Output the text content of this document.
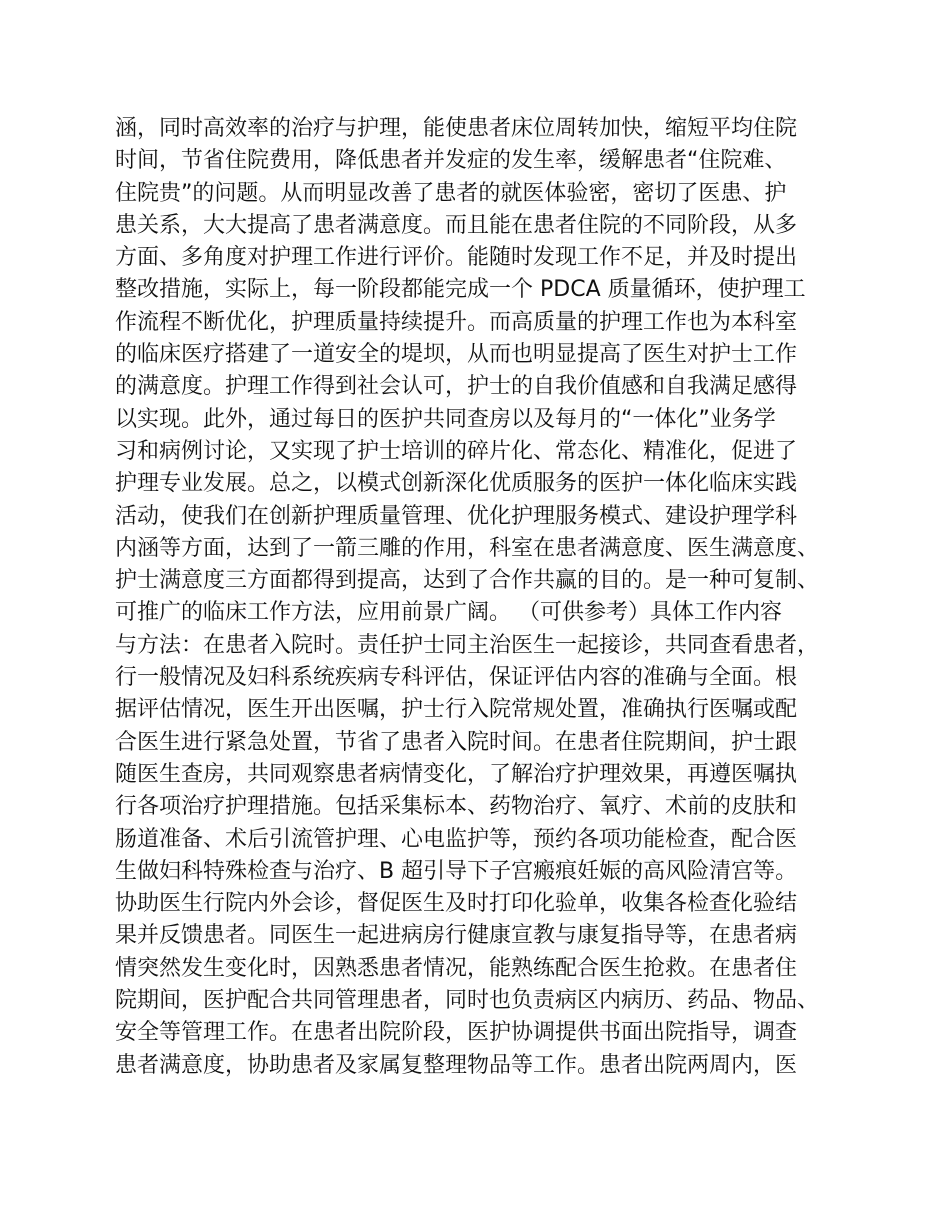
涵，同时高效率的治疗与护理，能使患者床位周转加快，缩短平均住院
时间，节省住院费用，降低患者并发症的发生率，缓解患者“住院难、
住院贵”的问题。从而明显改善了患者的就医体验密，密切了医患、护
患关系，大大提高了患者满意度。而且能在患者住院的不同阶段，从多
方面、多角度对护理工作进行评价。能随时发现工作不足，并及时提出
整改措施，实际上，每一阶段都能完成一个 PDCA 质量循环，使护理工
作流程不断优化，护理质量持续提升。而高质量的护理工作也为本科室
的临床医疗搭建了一道安全的堤坝，从而也明显提高了医生对护士工作
的满意度。护理工作得到社会认可，护士的自我价值感和自我满足感得
以实现。此外，通过每日的医护共同查房以及每月的“一体化”业务学
习和病例讨论，又实现了护士培训的碎片化、常态化、精准化，促进了
护理专业发展。总之，以模式创新深化优质服务的医护一体化临床实践
活动，使我们在创新护理质量管理、优化护理服务模式、建设护理学科
内涵等方面，达到了一箭三雕的作用，科室在患者满意度、医生满意度、
护士满意度三方面都得到提高，达到了合作共赢的目的。是一种可复制、
可推广的临床工作方法，应用前景广阔。 （可供参考）具体工作内容
与方法：在患者入院时。责任护士同主治医生一起接诊，共同查看患者，
行一般情况及妇科系统疾病专科评估，保证评估内容的准确与全面。根
据评估情况，医生开出医嘱，护士行入院常规处置，准确执行医嘱或配
合医生进行紧急处置，节省了患者入院时间。在患者住院期间，护士跟
随医生查房，共同观察患者病情变化，了解治疗护理效果，再遵医嘱执
行各项治疗护理措施。包括采集标本、药物治疗、氧疗、术前的皮肤和
肠道准备、术后引流管护理、心电监护等，预约各项功能检查，配合医
生做妇科特殊检查与治疗、B 超引导下子宫瘢痕妊娠的高风险清宫等。
协助医生行院内外会诊，督促医生及时打印化验单，收集各检查化验结
果并反馈患者。同医生一起进病房行健康宣教与康复指导等，在患者病
情突然发生变化时，因熟悉患者情况，能熟练配合医生抢救。在患者住
院期间，医护配合共同管理患者，同时也负责病区内病历、药品、物品、
安全等管理工作。在患者出院阶段，医护协调提供书面出院指导，调查
患者满意度，协助患者及家属复整理物品等工作。患者出院两周内，医
